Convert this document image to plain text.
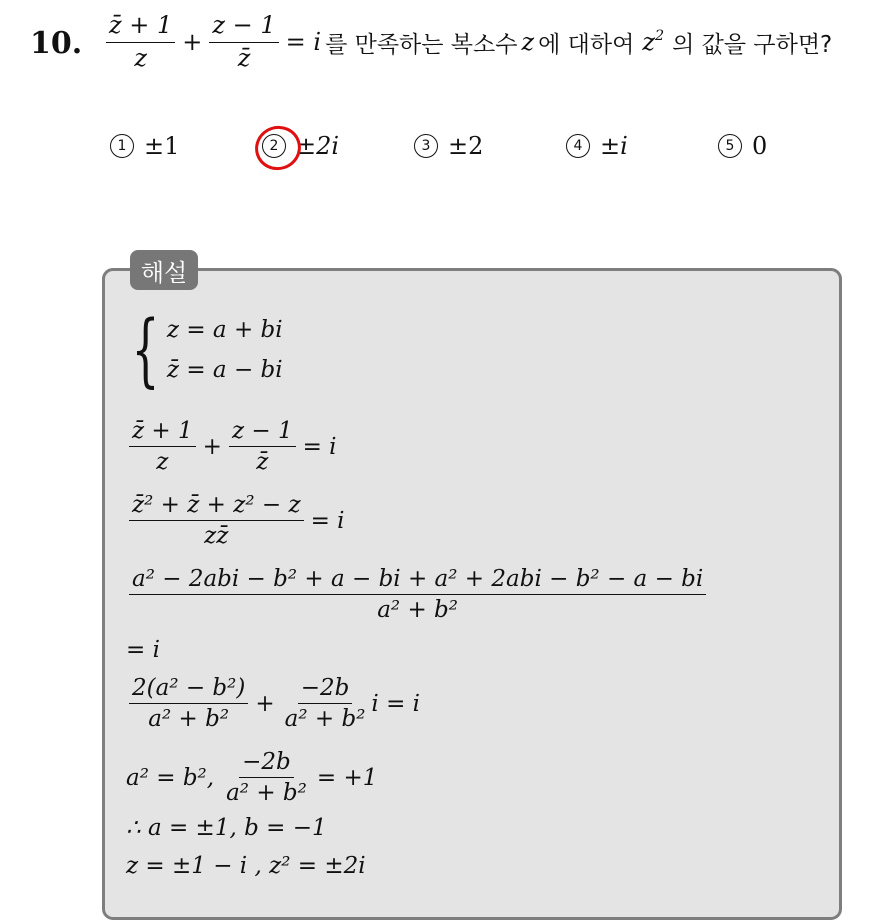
10. $\frac{z̄ + 1}{z} + \frac{z - 1}{z̄} = i$ 를 만족하는 복소수 z 에 대하여 $z^2$ 의 값을 구하면?
1 ±1	2 ±2i	3 ±2	4 ±i	5 0
해설
{ z = a + bi
z̄ = a − bi
$\frac{z̄ + 1}{z} + \frac{z - 1}{z̄} = i$
$\frac{\text{z̄² + z̄ + z² − z}}{zz̄} = i$
$\frac{\text{a² − 2abi − b² + a − bi + a² + 2abi − b² − a − bi}}{\text{a² + b²}}$
= i
$\frac{\text{2(a² − b²)}}{\text{a² + b²}} + \frac{-2b}{\text{a² + b²}}$ i = i
a² = b², $\frac{-2b}{\text{a² + b²}} = +1$
∴ a = ±1, b = −1
z = ±1 − i , z² = ±2i
